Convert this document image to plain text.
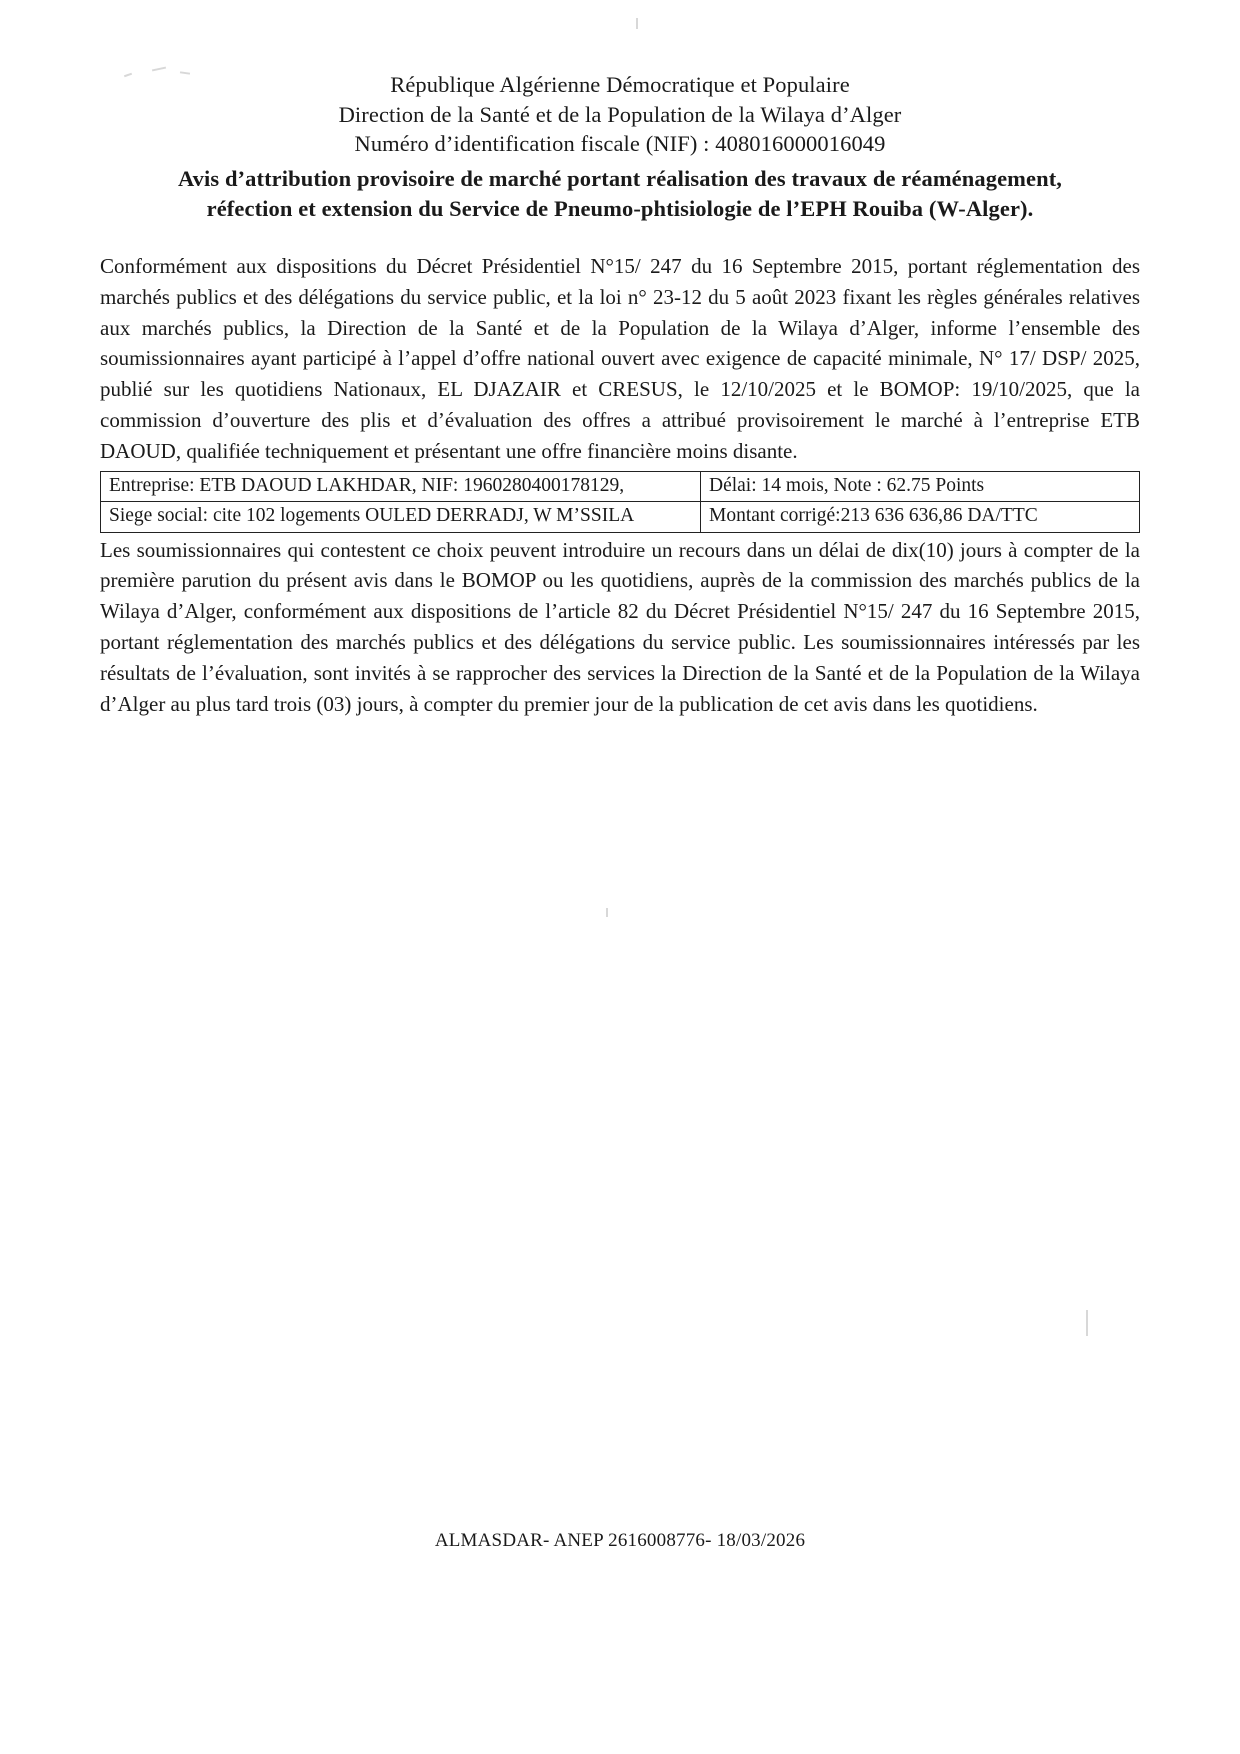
République Algérienne Démocratique et Populaire
Direction de la Santé et de la Population de la Wilaya d’Alger
Numéro d’identification fiscale (NIF) : 408016000016049
Avis d’attribution provisoire de marché portant réalisation des travaux de réaménagement,
réfection et extension du Service de Pneumo-phtisiologie de l’EPH Rouiba (W-Alger).

Conformément aux dispositions du Décret Présidentiel N°15/ 247 du 16 Septembre 2015, portant réglementation des marchés publics et des délégations du service public, et la loi n° 23-12 du 5 août 2023 fixant les règles générales relatives aux marchés publics, la Direction de la Santé et de la Population de la Wilaya d’Alger, informe l’ensemble des soumissionnaires ayant participé à l’appel d’offre national ouvert avec exigence de capacité minimale, N° 17/ DSP/ 2025, publié sur les quotidiens Nationaux, EL DJAZAIR et CRESUS, le 12/10/2025 et le BOMOP: 19/10/2025, que la commission d’ouverture des plis et d’évaluation des offres a attribué provisoirement le marché à l’entreprise ETB DAOUD, qualifiée techniquement et présentant une offre financière moins disante.

Entreprise: ETB DAOUD LAKHDAR, NIF: 1960280400178129,	Délai: 14 mois, Note : 62.75 Points
Siege social: cite 102 logements OULED DERRADJ, W M’SSILA	Montant corrigé:213 636 636,86 DA/TTC

Les soumissionnaires qui contestent ce choix peuvent introduire un recours dans un délai de dix(10) jours à compter de la première parution du présent avis dans le BOMOP ou les quotidiens, auprès de la commission des marchés publics de la Wilaya d’Alger, conformément aux dispositions de l’article 82 du Décret Présidentiel N°15/ 247 du 16 Septembre 2015, portant réglementation des marchés publics et des délégations du service public. Les soumissionnaires intéressés par les résultats de l’évaluation, sont invités à se rapprocher des services la Direction de la Santé et de la Population de la Wilaya d’Alger au plus tard trois (03) jours, à compter du premier jour de la publication de cet avis dans les quotidiens.

ALMASDAR- ANEP 2616008776- 18/03/2026
